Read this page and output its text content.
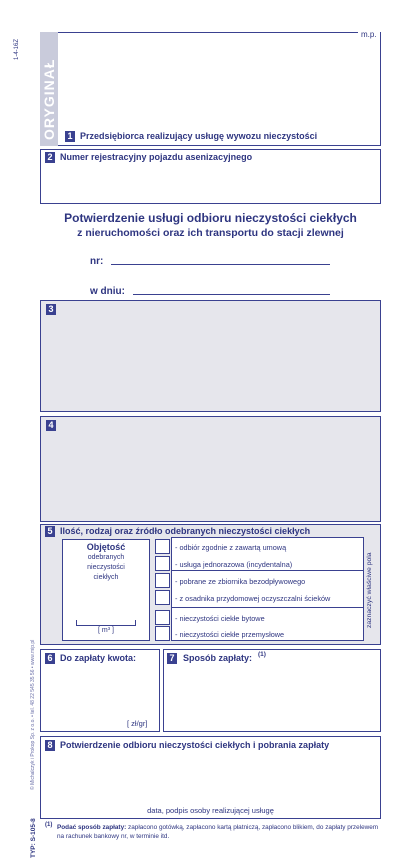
1-4-16Z
© Michalczyk i Prokop Sp. z o.o. • tel. 48 22 545 35 56 • www.mip.pl
TYP: S-105-8
ORYGINAŁ
m.p.
1 Przedsiębiorca realizujący usługę wywozu nieczystości
2 Numer rejestracyjny pojazdu asenizacyjnego
Potwierdzenie usługi odbioru nieczystości ciekłych
z nieruchomości oraz ich transportu do stacji zlewnej
nr:
w dniu:
3
4
5 Ilość, rodzaj oraz źródło odebranych nieczystości ciekłych
Objętość
odebranych
nieczystości
ciekłych
[ m³ ]
- odbiór zgodnie z zawartą umową
- usługa jednorazowa (incydentalna)
- pobrane ze zbiornika bezodpływowego
- z osadnika przydomowej oczyszczalni ścieków
- nieczystości ciekłe bytowe
- nieczystości ciekłe przemysłowe
zaznaczyć właściwe pola
6 Do zapłaty kwota:
[ zł/gr]
7 Sposób zapłaty: (1)
8 Potwierdzenie odbioru nieczystości ciekłych i pobrania zapłaty
data, podpis osoby realizującej usługę
(1) Podać sposób zapłaty: zapłacono gotówką, zapłacono kartą płatniczą, zapłacono blikiem, do zapłaty przelewem
na rachunek bankowy nr, w terminie itd.
